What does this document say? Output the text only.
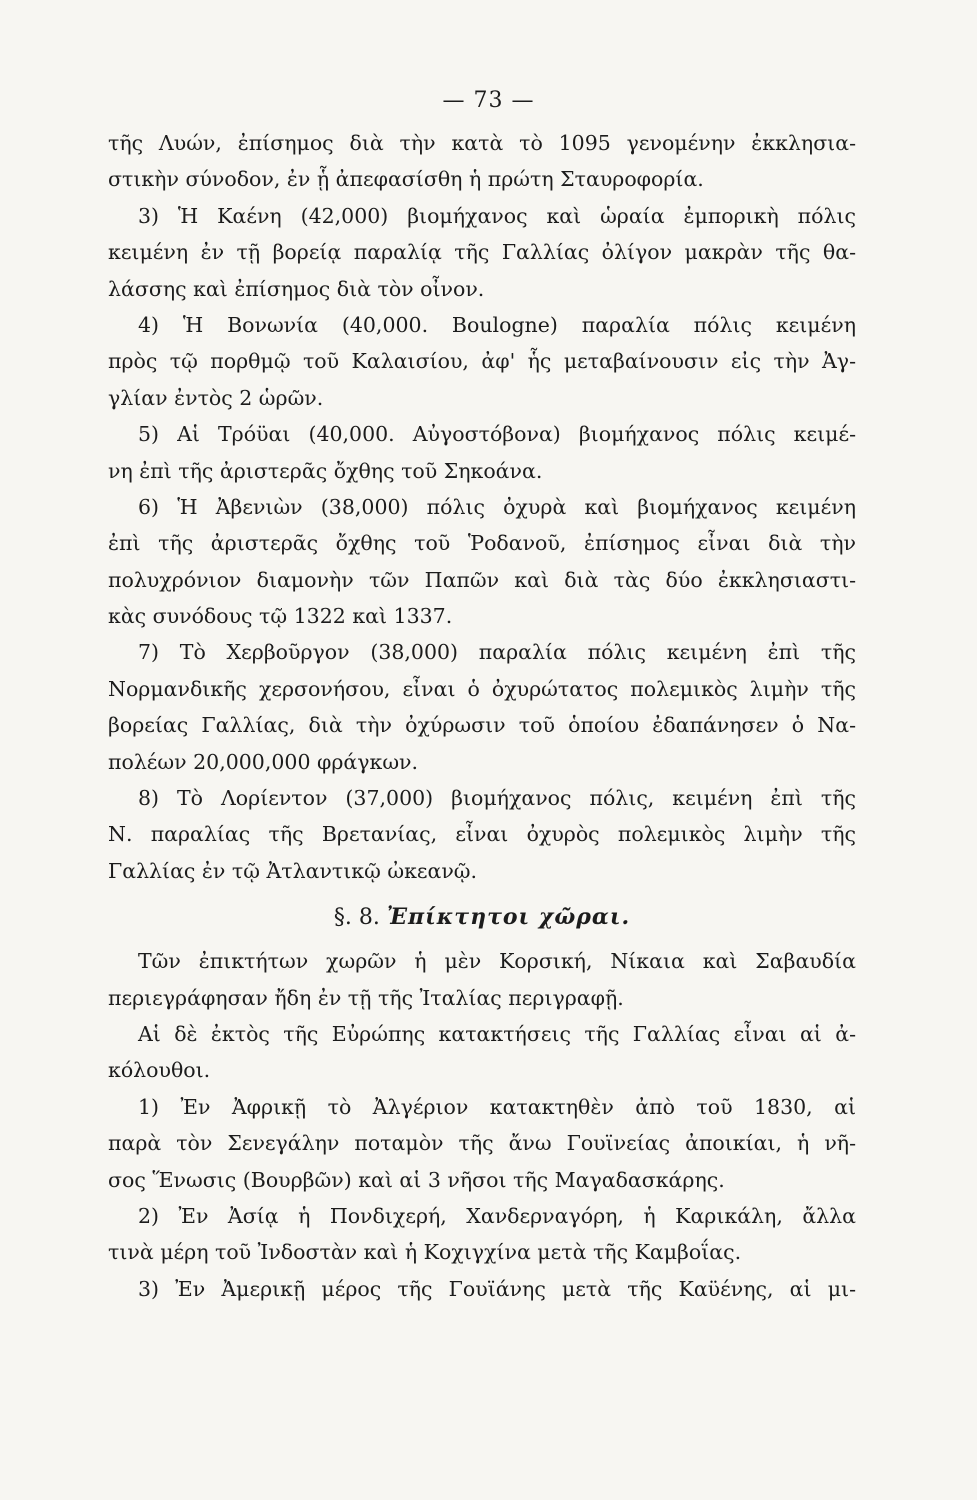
— 73 —
τῆς Λυών, ἐπίσημος διὰ τὴν κατὰ τὸ 1095 γενομένην ἐκκλησια-
στικὴν σύνοδον, ἐν ᾗ ἀπεφασίσθη ἡ πρώτη Σταυροφορία.
3) Ἡ Καένη (42,000) βιομήχανος καὶ ὡραία ἐμπορικὴ πόλις
κειμένη ἐν τῇ βορείᾳ παραλίᾳ τῆς Γαλλίας ὀλίγον μακρὰν τῆς θα-
λάσσης καὶ ἐπίσημος διὰ τὸν οἶνον.
4) Ἡ Βονωνία (40,000. Boulogne) παραλία πόλις κειμένη
πρὸς τῷ πορθμῷ τοῦ Καλαισίου, ἀφ' ἧς μεταβαίνουσιν εἰς τὴν Ἀγ-
γλίαν ἐντὸς 2 ὡρῶν.
5) Αἱ Τρόϋαι (40,000. Αὐγοστόβονα) βιομήχανος πόλις κειμέ-
νη ἐπὶ τῆς ἀριστερᾶς ὄχθης τοῦ Σηκοάνα.
6) Ἡ Ἀβενιὼν (38,000) πόλις ὀχυρὰ καὶ βιομήχανος κειμένη
ἐπὶ τῆς ἀριστερᾶς ὄχθης τοῦ Ῥοδανοῦ, ἐπίσημος εἶναι διὰ τὴν
πολυχρόνιον διαμονὴν τῶν Παπῶν καὶ διὰ τὰς δύο ἐκκλησιαστι-
κὰς συνόδους τῷ 1322 καὶ 1337.
7) Τὸ Χερβοῦργον (38,000) παραλία πόλις κειμένη ἐπὶ τῆς
Νορμανδικῆς χερσονήσου, εἶναι ὁ ὀχυρώτατος πολεμικὸς λιμὴν τῆς
βορείας Γαλλίας, διὰ τὴν ὀχύρωσιν τοῦ ὁποίου ἐδαπάνησεν ὁ Να-
πολέων 20,000,000 φράγκων.
8) Τὸ Λορίεντον (37,000) βιομήχανος πόλις, κειμένη ἐπὶ τῆς
Ν. παραλίας τῆς Βρετανίας, εἶναι ὀχυρὸς πολεμικὸς λιμὴν τῆς
Γαλλίας ἐν τῷ Ἀτλαντικῷ ὠκεανῷ.
§. 8. Ἐπίκτητοι χῶραι.
Τῶν ἐπικτήτων χωρῶν ἡ μὲν Κορσική, Νίκαια καὶ Σαβαυδία
περιεγράφησαν ἤδη ἐν τῇ τῆς Ἰταλίας περιγραφῇ.
Αἱ δὲ ἐκτὸς τῆς Εὐρώπης κατακτήσεις τῆς Γαλλίας εἶναι αἱ ἀ-
κόλουθοι.
1) Ἐν Ἀφρικῇ τὸ Ἀλγέριον κατακτηθὲν ἀπὸ τοῦ 1830, αἱ
παρὰ τὸν Σενεγάλην ποταμὸν τῆς ἄνω Γουϊνείας ἀποικίαι, ἡ νῆ-
σος Ἕνωσις (Βουρβῶν) καὶ αἱ 3 νῆσοι τῆς Μαγαδασκάρης.
2) Ἐν Ἀσίᾳ ἡ Πονδιχερή, Χανδερναγόρη, ἡ Καρικάλη, ἄλλα
τινὰ μέρη τοῦ Ἰνδοστὰν καὶ ἡ Κοχιγχίνα μετὰ τῆς Καμβοΐας.
3) Ἐν Ἀμερικῇ μέρος τῆς Γουϊάνης μετὰ τῆς Καϋένης, αἱ μι-
